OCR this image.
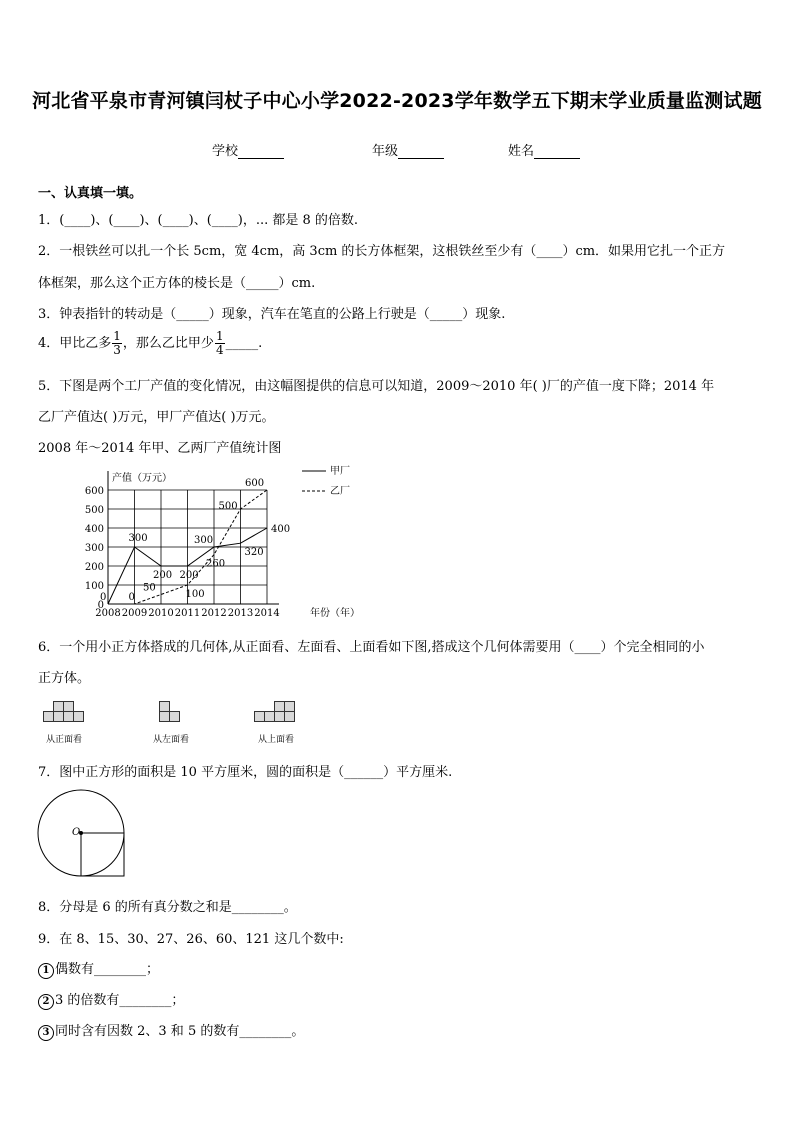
河北省平泉市青河镇闫杖子中心小学2022-2023学年数学五下期末学业质量监测试题
学校	年级	姓名
一、认真填一填。
1．(____)、(____)、(____)、(____)，... 都是 8 的倍数.
2．一根铁丝可以扎一个长 5cm，宽 4cm，高 3cm 的长方体框架，这根铁丝至少有（____）cm．如果用它扎一个正方
体框架，那么这个正方体的棱长是（_____）cm.
3．钟表指针的转动是（_____）现象，汽车在笔直的公路上行驶是（_____）现象.
4．甲比乙多 $\frac{1}{3}$ ，那么乙比甲少 $\frac{1}{4}$ _____.
5．下图是两个工厂产值的变化情况，由这幅图提供的信息可以知道，2009～2010 年( )厂的产值一度下降；2014 年
乙厂产值达( )万元，甲厂产值达( )万元。
2008 年～2014 年甲、乙两厂产值统计图
0
100
200
300
400
500
600
2008 2009 2010 2011 2012 2013 2014
0
300
200 200
300
320
400
0
50
100
260
500
600
产值（万元）
年份（年）
甲厂
乙厂
6．一个用小正方体搭成的几何体,从正面看、左面看、上面看如下图,搭成这个几何体需要用（____）个完全相同的小
正方体。
从正面看	从左面看	从上面看
7．图中正方形的面积是 10 平方厘米，圆的面积是（______）平方厘米.
O
8．分母是 6 的所有真分数之和是________。
9．在 8、15、30、27、26、60、121 这几个数中:
1 偶数有________；
2 3 的倍数有________；
3 同时含有因数 2、3 和 5 的数有________。
